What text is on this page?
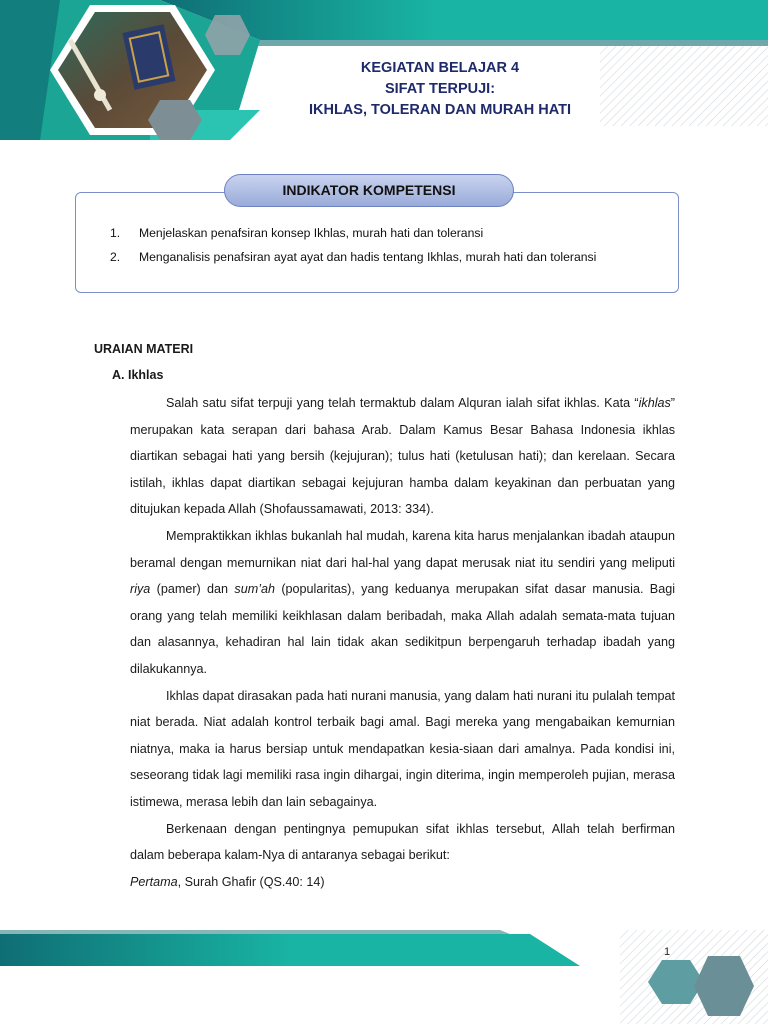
KEGIATAN BELAJAR 4
SIFAT TERPUJI:
IKHLAS, TOLERAN DAN MURAH HATI
INDIKATOR KOMPETENSI
1. Menjelaskan penafsiran konsep Ikhlas, murah hati dan toleransi
2. Menganalisis penafsiran ayat ayat dan hadis tentang Ikhlas, murah hati dan toleransi
URAIAN MATERI
A. Ikhlas

Salah satu sifat terpuji yang telah termaktub dalam Alquran ialah sifat ikhlas. Kata “ikhlas” merupakan kata serapan dari bahasa Arab. Dalam Kamus Besar Bahasa Indonesia ikhlas diartikan sebagai hati yang bersih (kejujuran); tulus hati (ketulusan hati); dan kerelaan. Secara istilah, ikhlas dapat diartikan sebagai kejujuran hamba dalam keyakinan dan perbuatan yang ditujukan kepada Allah (Shofaussamawati, 2013: 334).

Mempraktikkan ikhlas bukanlah hal mudah, karena kita harus menjalankan ibadah ataupun beramal dengan memurnikan niat dari hal-hal yang dapat merusak niat itu sendiri yang meliputi riya (pamer) dan sum’ah (popularitas), yang keduanya merupakan sifat dasar manusia. Bagi orang yang telah memiliki keikhlasan dalam beribadah, maka Allah adalah semata-mata tujuan dan alasannya, kehadiran hal lain tidak akan sedikitpun berpengaruh terhadap ibadah yang dilakukannya.

Ikhlas dapat dirasakan pada hati nurani manusia, yang dalam hati nurani itu pulalah tempat niat berada. Niat adalah kontrol terbaik bagi amal. Bagi mereka yang mengabaikan kemurnian niatnya, maka ia harus bersiap untuk mendapatkan kesia-siaan dari amalnya. Pada kondisi ini, seseorang tidak lagi memiliki rasa ingin dihargai, ingin diterima, ingin memperoleh pujian, merasa istimewa, merasa lebih dan lain sebagainya.

Berkenaan dengan pentingnya pemupukan sifat ikhlas tersebut, Allah telah berfirman dalam beberapa kalam-Nya di antaranya sebagai berikut:

Pertama, Surah Ghafir (QS.40: 14)

1
